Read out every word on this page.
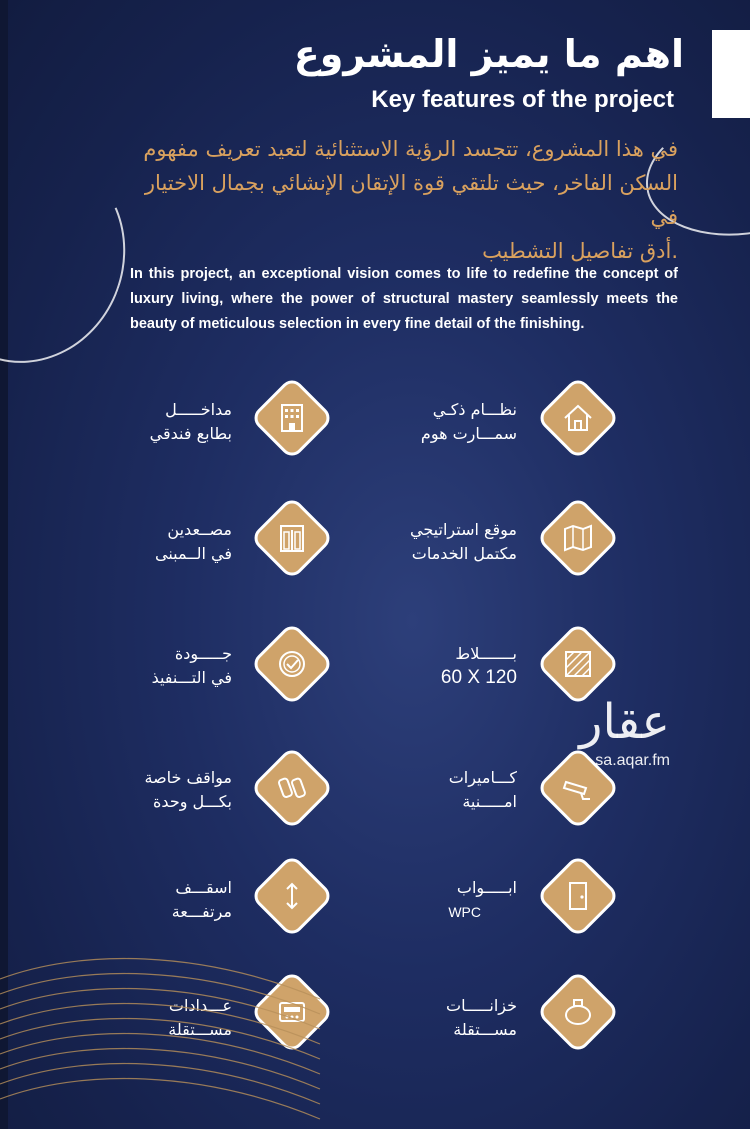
اهم ما يميز المشروع
Key features of the project
في هذا المشروع، تتجسد الرؤية الاستثنائية لتعيد تعريف مفهوم
السكن الفاخر، حيث تلتقي قوة الإتقان الإنشائي بجمال الاختيار في
.أدق تفاصيل التشطيب
In this project, an exceptional vision comes to life to redefine the concept of luxury living, where the power of structural mastery seamlessly meets the beauty of meticulous selection in every fine detail of the finishing.
نظـــام ذكـي
سمـــارت هوم
مداخـــــل
بطابع فندقي
موقع استراتيجي
مكتمل الخدمات
مصــعدين
في الــمبنى
بـــــــلاط
60 X 120
جـــــودة
في التـــنفيذ
كـــاميرات
امـــــنية
مواقف خاصة
بكـــل وحدة
ابـــــواب
WPC
اسقـــف
مرتفـــعة
خزانـــــات
مســـتقلة
عـــدادات
مســـتقلة
عقار
sa.aqar.fm
